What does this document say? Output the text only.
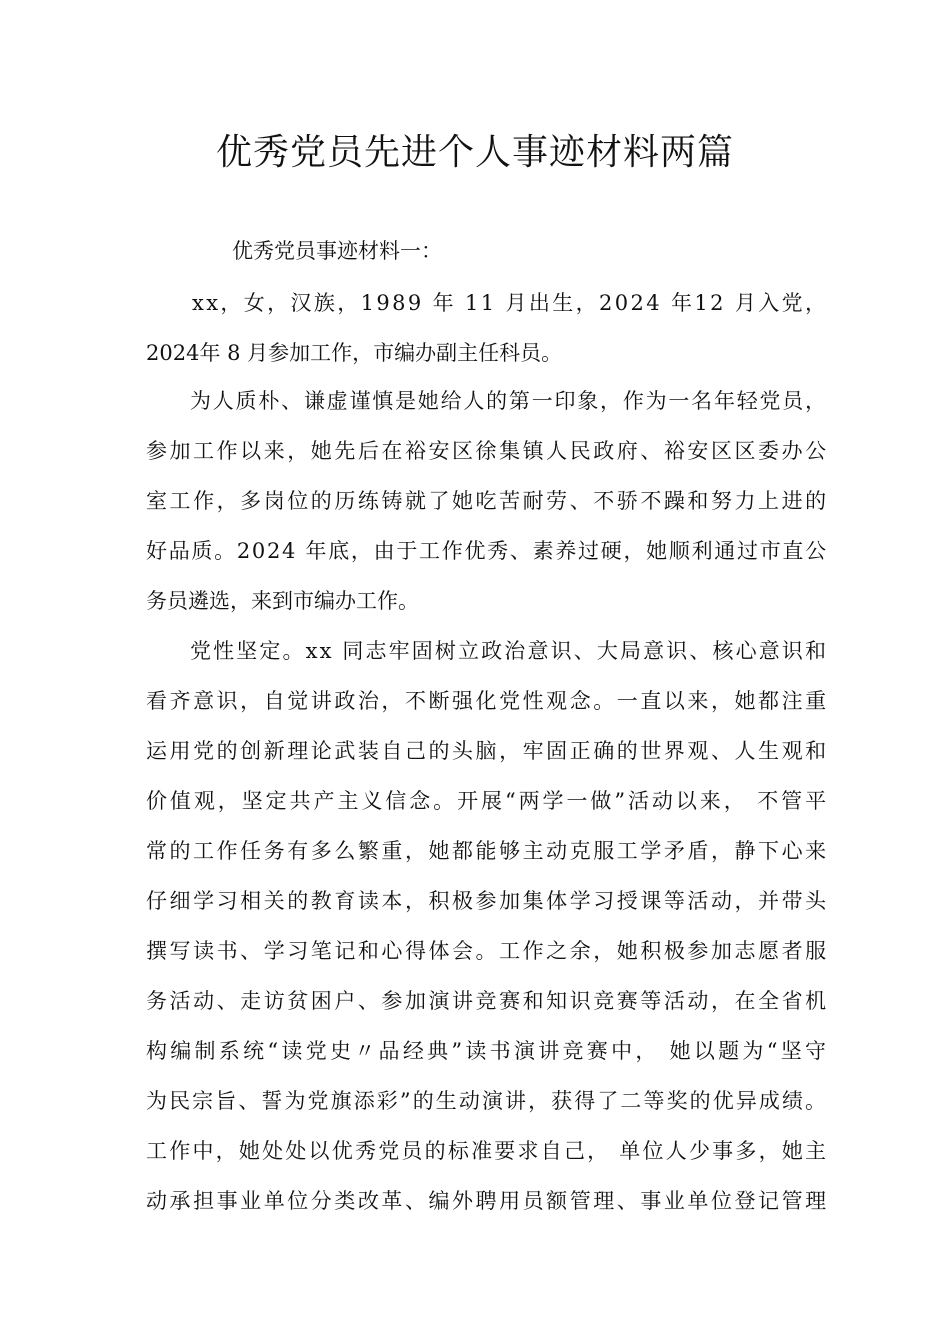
优秀党员先进个人事迹材料两篇
优秀党员事迹材料一：
xx，女，汉族，1989 年 11 月出生，2024 年12 月入党，
2024年 8 月参加工作，市编办副主任科员。
为人质朴、谦虚谨慎是她给人的第一印象，作为一名年轻党员，
参加工作以来，她先后在裕安区徐集镇人民政府、裕安区区委办公
室工作，多岗位的历练铸就了她吃苦耐劳、不骄不躁和努力上进的
好品质。2024 年底，由于工作优秀、素养过硬，她顺利通过市直公
务员遴选，来到市编办工作。
党性坚定。xx 同志牢固树立政治意识、大局意识、核心意识和
看齐意识，自觉讲政治，不断强化党性观念。一直以来，她都注重
运用党的创新理论武装自己的头脑，牢固正确的世界观、人生观和
价值观，坚定共产主义信念。开展“两学一做”活动以来， 不管平
常的工作任务有多么繁重，她都能够主动克服工学矛盾，静下心来
仔细学习相关的教育读本，积极参加集体学习授课等活动，并带头
撰写读书、学习笔记和心得体会。工作之余，她积极参加志愿者服
务活动、走访贫困户、参加演讲竞赛和知识竞赛等活动，在全省机
构编制系统“读党史〃品经典”读书演讲竞赛中， 她以题为“坚守
为民宗旨、誓为党旗添彩”的生动演讲，获得了二等奖的优异成绩。
工作中，她处处以优秀党员的标准要求自己， 单位人少事多，她主
动承担事业单位分类改革、编外聘用员额管理、事业单位登记管理
